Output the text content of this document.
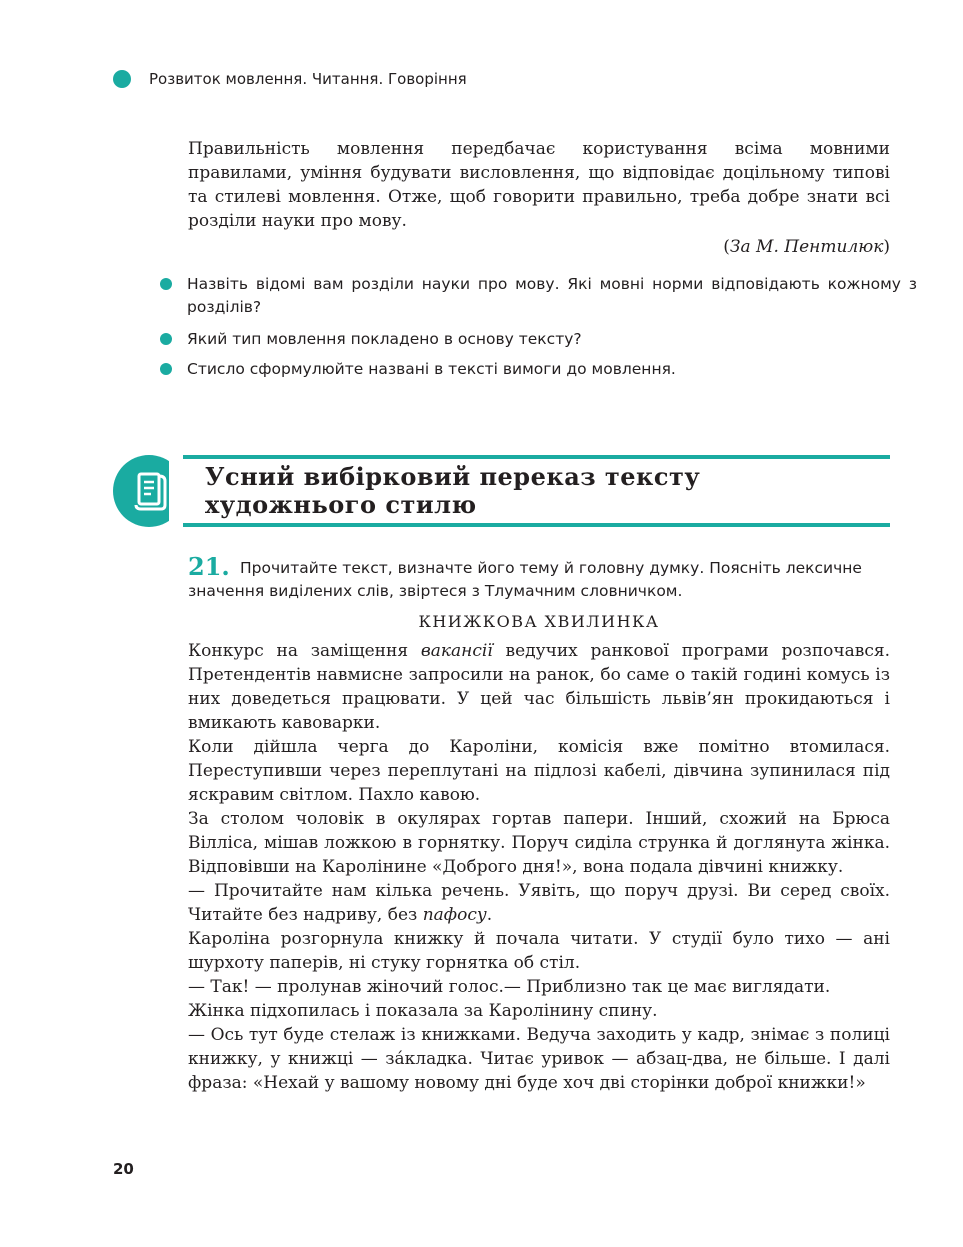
Розвиток мовлення. Читання. Говоріння
Правильність мовлення передбачає користування всіма мовними правилами, уміння будувати висловлення, що відповідає доцільному типові та стилеві мовлення. Отже, щоб говорити правильно, треба добре знати всі розділи науки про мову.
(За М. Пентилюк)
Назвіть відомі вам розділи науки про мову. Які мовні норми відповідають кожному з розділів?
Який тип мовлення покладено в основу тексту?
Стисло сформулюйте названі в тексті вимоги до мовлення.
Усний вибірковий переказ тексту
художнього стилю
21. Прочитайте текст, визначте його тему й головну думку. Поясніть лексичне значення виділених слів, звіртеся з Тлумачним словничком.
КНИЖКОВА ХВИЛИНКА

Конкурс на заміщення вакансії ведучих ранкової програми розпочався. Претендентів навмисне запросили на ранок, бо саме о такій годині комусь із них доведеться працювати. У цей час більшість львів’ян прокидаються і вмикають кавоварки.

Коли дійшла черга до Кароліни, комісія вже помітно втомилася. Переступивши через переплутані на підлозі кабелі, дівчина зупинилася під яскравим світлом. Пахло кавою.

За столом чоловік в окулярах гортав папери. Інший, схожий на Брюса Вілліса, мішав ложкою в горнятку. Поруч сиділа струнка й доглянута жінка. Відповівши на Каролінине «Доброго дня!», вона подала дівчині книжку.

— Прочитайте нам кілька речень. Уявіть, що поруч друзі. Ви серед своїх. Читайте без надриву, без пафосу.

Кароліна розгорнула книжку й почала читати. У студії було тихо — ані шурхоту паперів, ні стуку горнятка об стіл.

— Так! — пролунав жіночий голос.— Приблизно так це має виглядати.

Жінка підхопилась і показала за Каролінину спину.

— Ось тут буде стелаж із книжками. Ведуча заходить у кадр, знімає з полиці книжку, у книжці — за́кладка. Читає уривок — абзац-два, не більше. І далі фраза: «Нехай у вашому новому дні буде хоч дві сторінки доброї книжки!»

20
